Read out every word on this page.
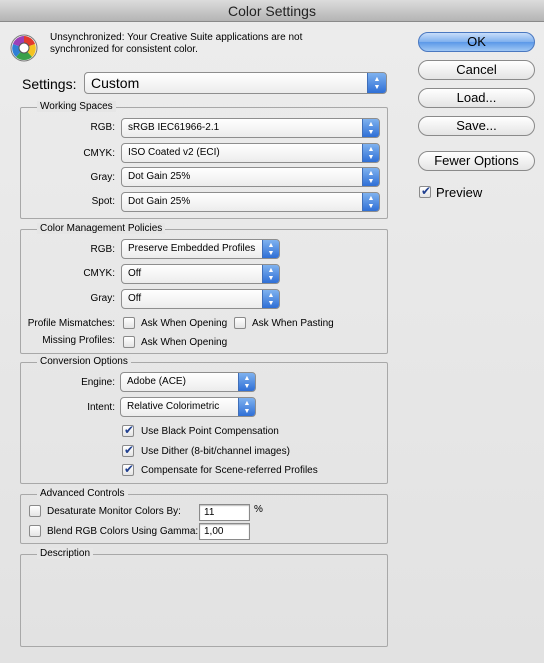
Color Settings
Unsynchronized: Your Creative Suite applications are not synchronized for consistent color.
Settings:	Custom	▲
▼
Working Spaces
RGB:	sRGB IEC61966-2.1	▲
▼
CMYK:	ISO Coated v2 (ECI)	▲
▼
Gray:	Dot Gain 25%	▲
▼
Spot:	Dot Gain 25%	▲
▼
Color Management Policies
RGB:	Preserve Embedded Profiles	▲
▼
CMYK:	Off	▲
▼
Gray:	Off	▲
▼
Profile Mismatches:	Ask When Opening Ask When Pasting
Missing Profiles:	Ask When Opening
Conversion Options
Engine:	Adobe (ACE)	▲
▼
Intent:	Relative Colorimetric	▲
▼
✔
Use Black Point Compensation
✔
Use Dither (8-bit/channel images)
✔
Compensate for Scene-referred Profiles
Advanced Controls
Desaturate Monitor Colors By:	11	%
Blend RGB Colors Using Gamma: 1,00
Description
OK
Cancel
Load...
Save...
Fewer Options
✔
Preview
